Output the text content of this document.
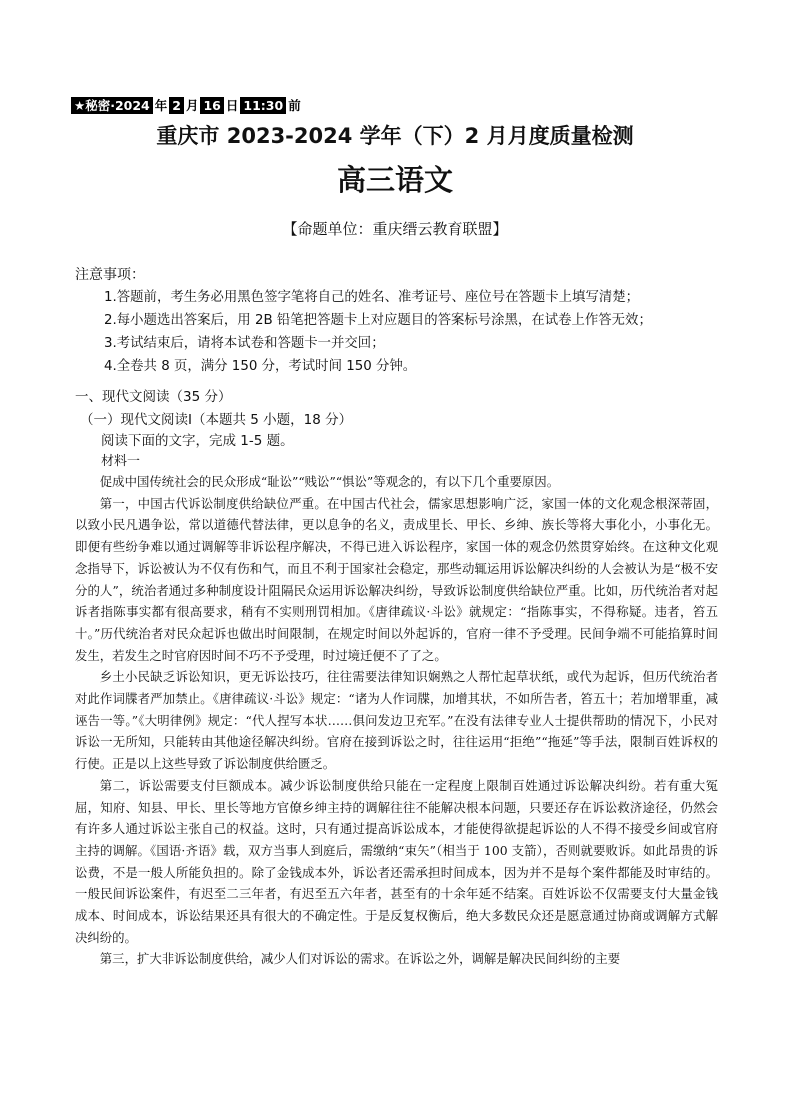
★秘密·2024 年 2 月 16 日 11:30 前
重庆市 2023-2024 学年（下）2 月月度质量检测
高三语文
【命题单位：重庆缙云教育联盟】
注意事项：
1.答题前，考生务必用黑色签字笔将自己的姓名、准考证号、座位号在答题卡上填写清楚；
2.每小题选出答案后，用 2B 铅笔把答题卡上对应题目的答案标号涂黑，在试卷上作答无效；
3.考试结束后，请将本试卷和答题卡一并交回；
4.全卷共 8 页，满分 150 分，考试时间 150 分钟。
一、现代文阅读（35 分）
（一）现代文阅读Ⅰ（本题共 5 小题，18 分）
阅读下面的文字，完成 1-5 题。
材料一

促成中国传统社会的民众形成“耻讼”“贱讼”“惧讼”等观念的，有以下几个重要原因。

第一，中国古代诉讼制度供给缺位严重。在中国古代社会，儒家思想影响广泛，家国一体的文化观念根深蒂固，以致小民凡遇争讼，常以道德代替法律，更以息争的名义，责成里长、甲长、乡绅、族长等将大事化小，小事化无。即便有些纷争难以通过调解等非诉讼程序解决，不得已进入诉讼程序，家国一体的观念仍然贯穿始终。在这种文化观念指导下，诉讼被认为不仅有伤和气，而且不利于国家社会稳定，那些动辄运用诉讼解决纠纷的人会被认为是“极不安分的人”，统治者通过多种制度设计阻隔民众运用诉讼解决纠纷，导致诉讼制度供给缺位严重。比如，历代统治者对起诉者指陈事实都有很高要求，稍有不实则刑罚相加。《唐律疏议·斗讼》就规定：“指陈事实，不得称疑。违者，笞五十。”历代统治者对民众起诉也做出时间限制，在规定时间以外起诉的，官府一律不予受理。民间争端不可能掐算时间发生，若发生之时官府因时间不巧不予受理，时过境迁便不了了之。

乡土小民缺乏诉讼知识，更无诉讼技巧，往往需要法律知识娴熟之人帮忙起草状纸，或代为起诉，但历代统治者对此作词牒者严加禁止。《唐律疏议·斗讼》规定：“诸为人作词牒，加增其状，不如所告者，笞五十；若加增罪重，减诬告一等。”《大明律例》规定：“代人捏写本状……俱问发边卫充军。”在没有法律专业人士提供帮助的情况下，小民对诉讼一无所知，只能转由其他途径解决纠纷。官府在接到诉讼之时，往往运用“拒绝”“拖延”等手法，限制百姓诉权的行使。正是以上这些导致了诉讼制度供给匮乏。

第二，诉讼需要支付巨额成本。减少诉讼制度供给只能在一定程度上限制百姓通过诉讼解决纠纷。若有重大冤屈，知府、知县、甲长、里长等地方官僚乡绅主持的调解往往不能解决根本问题，只要还存在诉讼救济途径，仍然会有许多人通过诉讼主张自己的权益。这时，只有通过提高诉讼成本，才能使得欲提起诉讼的人不得不接受乡间或官府主持的调解。《国语·齐语》载，双方当事人到庭后，需缴纳“束矢”（相当于 100 支箭），否则就要败诉。如此昂贵的诉讼费，不是一般人所能负担的。除了金钱成本外，诉讼者还需承担时间成本，因为并不是每个案件都能及时审结的。一般民间诉讼案件，有迟至二三年者，有迟至五六年者，甚至有的十余年延不结案。百姓诉讼不仅需要支付大量金钱成本、时间成本，诉讼结果还具有很大的不确定性。于是反复权衡后，绝大多数民众还是愿意通过协商或调解方式解决纠纷的。

第三，扩大非诉讼制度供给，减少人们对诉讼的需求。在诉讼之外，调解是解决民间纠纷的主要
